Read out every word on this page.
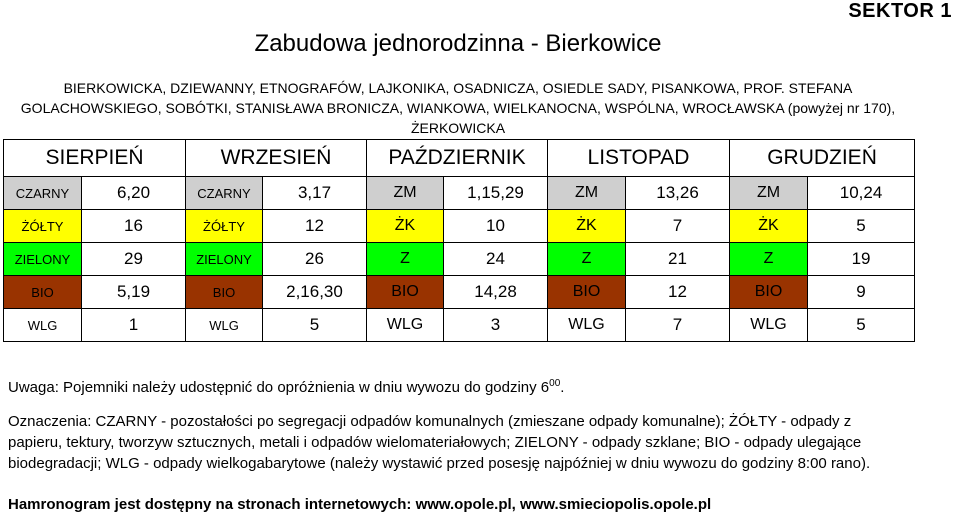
SEKTOR 1
Zabudowa jednorodzinna - Bierkowice
BIERKOWICKA, DZIEWANNY, ETNOGRAFÓW, LAJKONIKA, OSADNICZA, OSIEDLE SADY, PISANKOWA, PROF. STEFANA GOLACHOWSKIEGO, SOBÓTKI, STANISŁAWA BRONICZA, WIANKOWA, WIELKANOCNA, WSPÓLNA, WROCŁAWSKA (powyżej nr 170), ŻERKOWICKA
SIERPIEŃ		WRZESIEŃ		PAŹDZIERNIK		LISTOPAD		GRUDZIEŃ	
CZARNY	6,20	CZARNY	3,17	ZM	1,15,29	ZM	13,26	ZM	10,24
ŻÓŁTY	16	ŻÓŁTY	12	ŻK	10	ŻK	7	ŻK	5
ZIELONY	29	ZIELONY	26	Z	24	Z	21	Z	19
BIO	5,19	BIO	2,16,30	BIO	14,28	BIO	12	BIO	9
WLG	1	WLG	5	WLG	3	WLG	7	WLG	5
Uwaga: Pojemniki należy udostępnić do opróżnienia w dniu wywozu do godziny $6^{00}$.
Oznaczenia: CZARNY - pozostałości po segregacji odpadów komunalnych (zmieszane odpady komunalne); ŻÓŁTY - odpady z papieru, tektury, tworzyw sztucznych, metali i odpadów wielomateriałowych; ZIELONY - odpady szklane; BIO - odpady ulegające biodegradacji; WLG - odpady wielkogabarytowe (należy wystawić przed posesję najpóźniej w dniu wywozu do godziny 8:00 rano).
Hamronogram jest dostępny na stronach internetowych: www.opole.pl, www.smieciopolis.opole.pl
